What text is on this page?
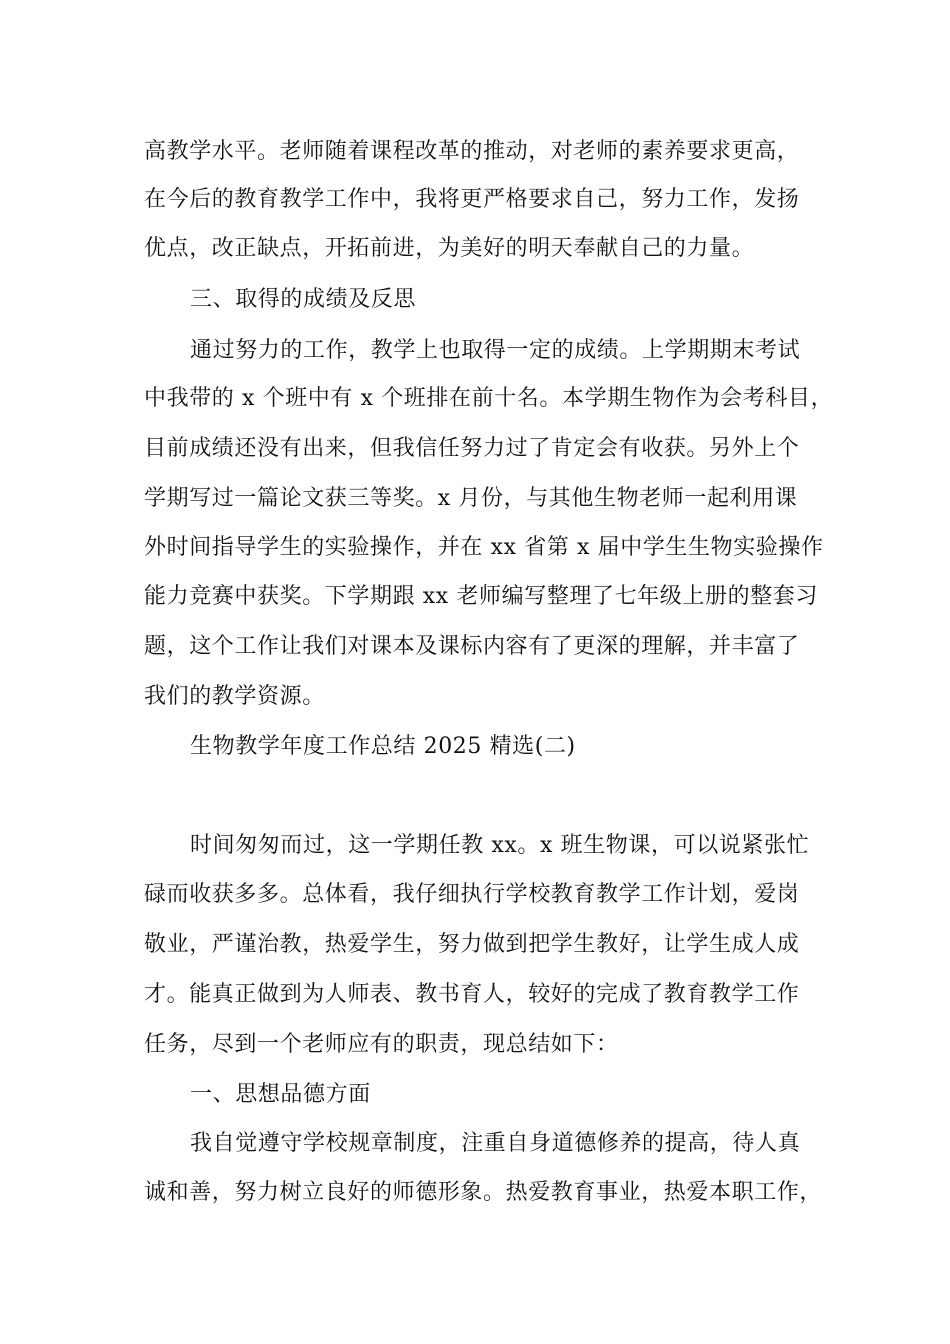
高教学水平。老师随着课程改革的推动，对老师的素养要求更高，
在今后的教育教学工作中，我将更严格要求自己，努力工作，发扬
优点，改正缺点，开拓前进，为美好的明天奉献自己的力量。
三、取得的成绩及反思
通过努力的工作，教学上也取得一定的成绩。上学期期末考试
中我带的 x 个班中有 x 个班排在前十名。本学期生物作为会考科目，
目前成绩还没有出来，但我信任努力过了肯定会有收获。另外上个
学期写过一篇论文获三等奖。x 月份，与其他生物老师一起利用课
外时间指导学生的实验操作，并在 xx 省第 x 届中学生生物实验操作
能力竞赛中获奖。下学期跟 xx 老师编写整理了七年级上册的整套习
题，这个工作让我们对课本及课标内容有了更深的理解，并丰富了
我们的教学资源。
生物教学年度工作总结 2025 精选(二)
时间匆匆而过，这一学期任教 xx。x 班生物课，可以说紧张忙
碌而收获多多。总体看，我仔细执行学校教育教学工作计划，爱岗
敬业，严谨治教，热爱学生，努力做到把学生教好，让学生成人成
才。能真正做到为人师表、教书育人，较好的完成了教育教学工作
任务，尽到一个老师应有的职责，现总结如下：
一、思想品德方面
我自觉遵守学校规章制度，注重自身道德修养的提高，待人真
诚和善，努力树立良好的师德形象。热爱教育事业，热爱本职工作，
